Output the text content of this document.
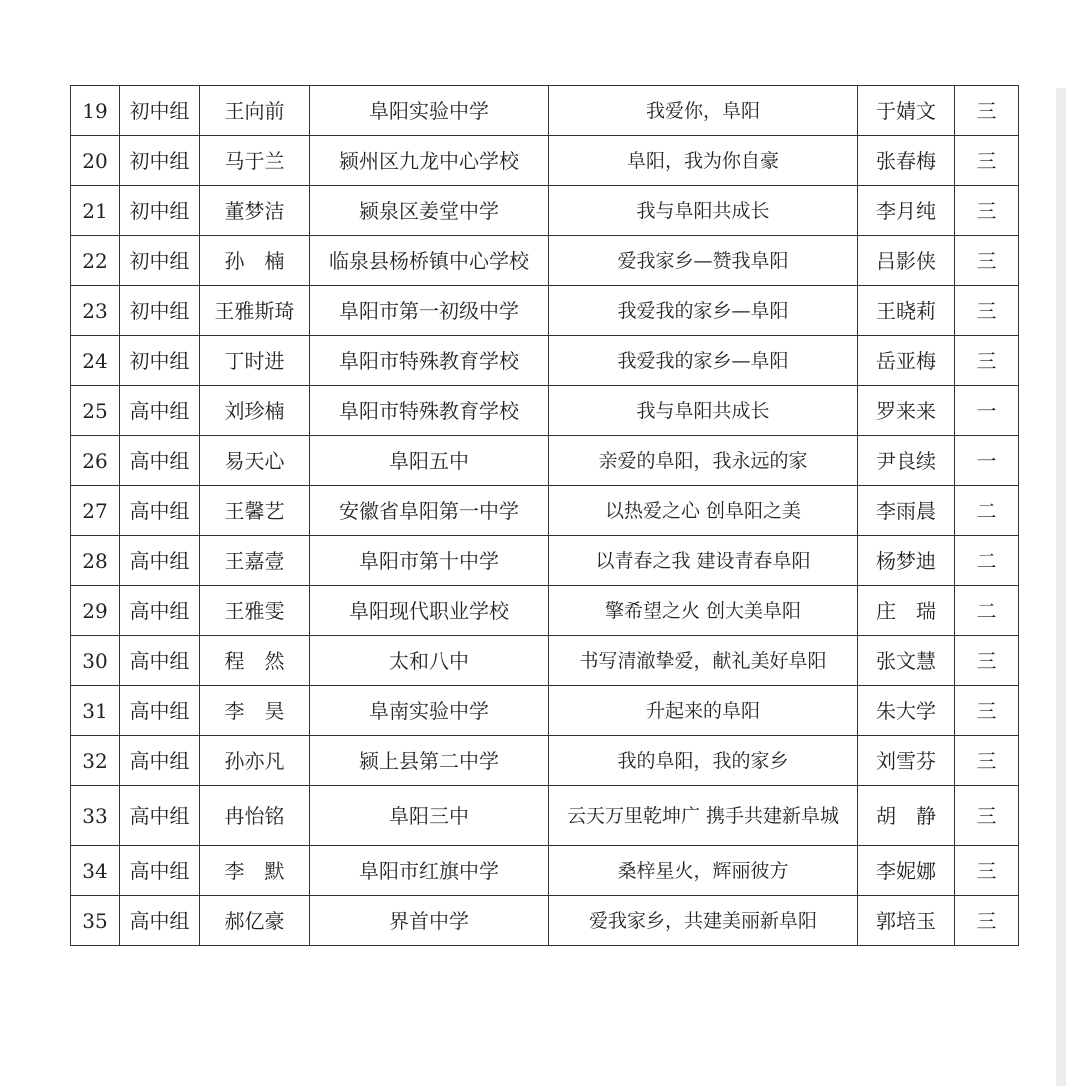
19	初中组	王向前	阜阳实验中学	我爱你，阜阳	于婧文	三
20	初中组	马于兰	颍州区九龙中心学校	阜阳，我为你自豪	张春梅	三
21	初中组	董梦洁	颍泉区姜堂中学	我与阜阳共成长	李月纯	三
22	初中组	孙　楠	临泉县杨桥镇中心学校	爱我家乡—赞我阜阳	吕影侠	三
23	初中组	王雅斯琦	阜阳市第一初级中学	我爱我的家乡—阜阳	王晓莉	三
24	初中组	丁时进	阜阳市特殊教育学校	我爱我的家乡—阜阳	岳亚梅	三
25	高中组	刘珍楠	阜阳市特殊教育学校	我与阜阳共成长	罗来来	一
26	高中组	易天心	阜阳五中	亲爱的阜阳，我永远的家	尹良续	一
27	高中组	王馨艺	安徽省阜阳第一中学	以热爱之心 创阜阳之美	李雨晨	二
28	高中组	王嘉壹	阜阳市第十中学	以青春之我 建设青春阜阳	杨梦迪	二
29	高中组	王雅雯	阜阳现代职业学校	擎希望之火 创大美阜阳	庄　瑞	二
30	高中组	程　然	太和八中	书写清澈挚爱，献礼美好阜阳	张文慧	三
31	高中组	李　昊	阜南实验中学	升起来的阜阳	朱大学	三
32	高中组	孙亦凡	颍上县第二中学	我的阜阳，我的家乡	刘雪芬	三
33	高中组	冉怡铭	阜阳三中	云天万里乾坤广 携手共建新阜城	胡　静	三
34	高中组	李　默	阜阳市红旗中学	桑梓星火，辉丽彼方	李妮娜	三
35	高中组	郝亿豪	界首中学	爱我家乡，共建美丽新阜阳	郭培玉	三
